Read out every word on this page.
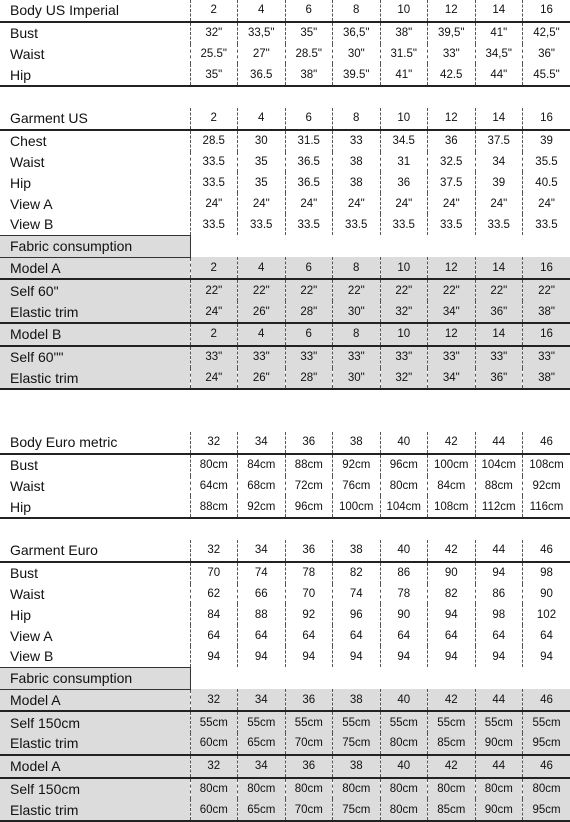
Body US Imperial	2	4	6	8	10	12	14	16
Bust	32"	33,5"	35"	36,5"	38"	39,5"	41"	42,5"
Waist	25.5"	27"	28.5"	30"	31.5"	33"	34,5"	36"
Hip	35"	36.5	38"	39.5"	41"	42.5	44"	45.5"

Garment US	2	4	6	8	10	12	14	16
Chest	28.5	30	31.5	33	34.5	36	37.5	39
Waist	33.5	35	36.5	38	31	32.5	34	35.5
Hip	33.5	35	36.5	38	36	37.5	39	40.5
View A	24"	24"	24"	24"	24"	24"	24"	24"
View B	33.5	33.5	33.5	33.5	33.5	33.5	33.5	33.5
Fabric consumption								
Model A	2	4	6	8	10	12	14	16
Self 60"	22"	22"	22"	22"	22"	22"	22"	22"
Elastic trim	24"	26"	28"	30"	32"	34"	36"	38"
Model B	2	4	6	8	10	12	14	16
Self 60""	33"	33"	33"	33"	33"	33"	33"	33"
Elastic trim	24"	26"	28"	30"	32"	34"	36"	38"

Body Euro metric	32	34	36	38	40	42	44	46
Bust	80cm	84cm	88cm	92cm	96cm	100cm	104cm	108cm
Waist	64cm	68cm	72cm	76cm	80cm	84cm	88cm	92cm
Hip	88cm	92cm	96cm	100cm	104cm	108cm	112cm	116cm

Garment Euro	32	34	36	38	40	42	44	46
Bust	70	74	78	82	86	90	94	98
Waist	62	66	70	74	78	82	86	90
Hip	84	88	92	96	90	94	98	102
View A	64	64	64	64	64	64	64	64
View B	94	94	94	94	94	94	94	94
Fabric consumption								
Model A	32	34	36	38	40	42	44	46
Self 150cm	55cm	55cm	55cm	55cm	55cm	55cm	55cm	55cm
Elastic trim	60cm	65cm	70cm	75cm	80cm	85cm	90cm	95cm
Model A	32	34	36	38	40	42	44	46
Self 150cm	80cm	80cm	80cm	80cm	80cm	80cm	80cm	80cm
Elastic trim	60cm	65cm	70cm	75cm	80cm	85cm	90cm	95cm
